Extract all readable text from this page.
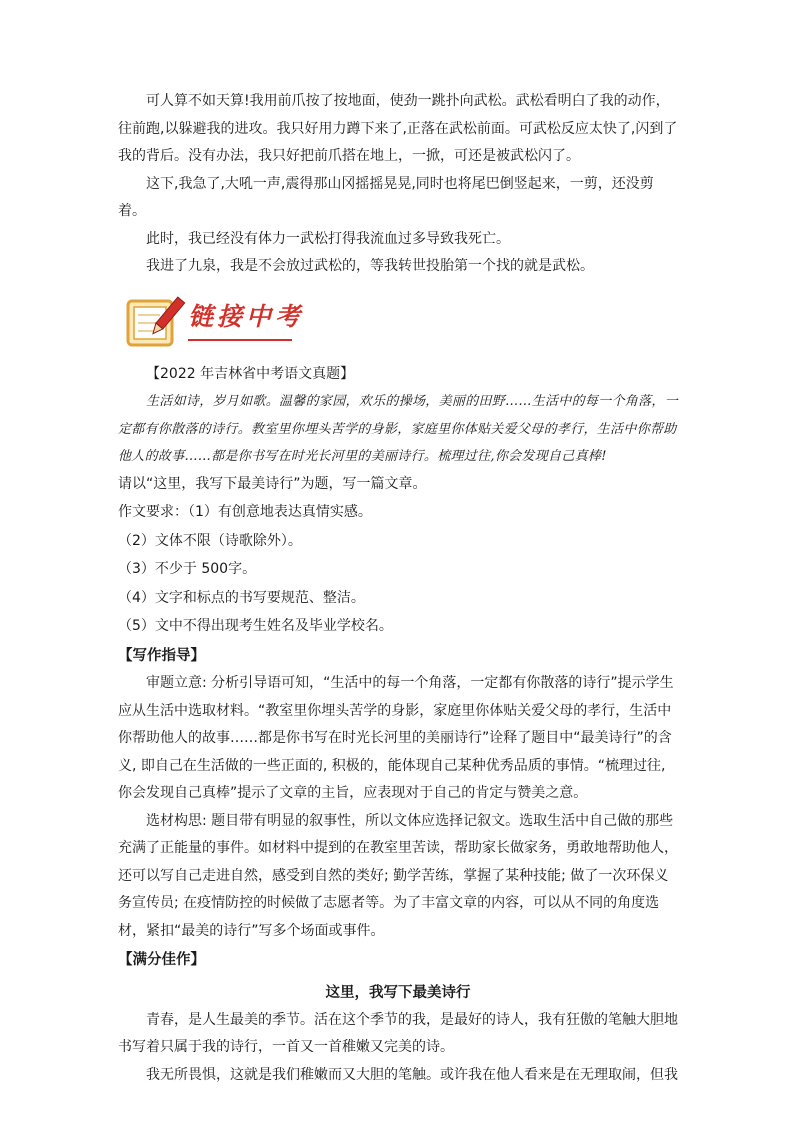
可人算不如天算!我用前爪按了按地面，使劲一跳扑向武松。武松看明白了我的动作，往前跑,以躲避我的进攻。我只好用力蹲下来了,正落在武松前面。可武松反应太快了,闪到了我的背后。没有办法，我只好把前爪搭在地上，一掀，可还是被武松闪了。

这下,我急了,大吼一声,震得那山冈摇摇晃晃,同时也将尾巴倒竖起来，一剪，还没剪着。

此时，我已经没有体力一武松打得我流血过多导致我死亡。

我进了九泉，我是不会放过武松的，等我转世投胎第一个找的就是武松。

链接中考

【2022 年吉林省中考语文真题】

生活如诗，岁月如歌。温馨的家园，欢乐的操场，美丽的田野……生活中的每一个角落，一定都有你散落的诗行。教室里你埋头苦学的身影，家庭里你体贴关爱父母的孝行，生活中你帮助他人的故事……都是你书写在时光长河里的美丽诗行。梳理过往,你会发现自己真棒!

请以“这里，我写下最美诗行”为题，写一篇文章。

作文要求：（1）有创意地表达真情实感。

（2）文体不限（诗歌除外）。

（3）不少于 500字。

（4）文字和标点的书写要规范、整洁。

（5）文中不得出现考生姓名及毕业学校名。

【写作指导】

审题立意: 分析引导语可知，“生活中的每一个角落，一定都有你散落的诗行”提示学生应从生活中选取材料。“教室里你埋头苦学的身影，家庭里你体贴关爱父母的孝行，生活中你帮助他人的故事……都是你书写在时光长河里的美丽诗行”诠释了题目中“最美诗行”的含义, 即自己在生活做的一些正面的, 积极的，能体现自己某种优秀品质的事情。“梳理过往,你会发现自己真棒”提示了文章的主旨，应表现对于自己的肯定与赞美之意。

选材构思: 题目带有明显的叙事性，所以文体应选择记叙文。选取生活中自己做的那些充满了正能量的事件。如材料中提到的在教室里苦读，帮助家长做家务，勇敢地帮助他人，还可以写自己走进自然，感受到自然的类好; 勤学苦练，掌握了某种技能; 做了一次环保义务宣传员; 在疫情防控的时候做了志愿者等。为了丰富文章的内容，可以从不同的角度选材，紧扣“最美的诗行”写多个场面或事件。

【满分佳作】

这里，我写下最美诗行

青春，是人生最美的季节。活在这个季节的我，是最好的诗人，我有狂傲的笔触大胆地书写着只属于我的诗行，一首又一首稚嫩又完美的诗。

我无所畏惧，这就是我们稚嫩而又大胆的笔触。或许我在他人看来是在无理取闹，但我
